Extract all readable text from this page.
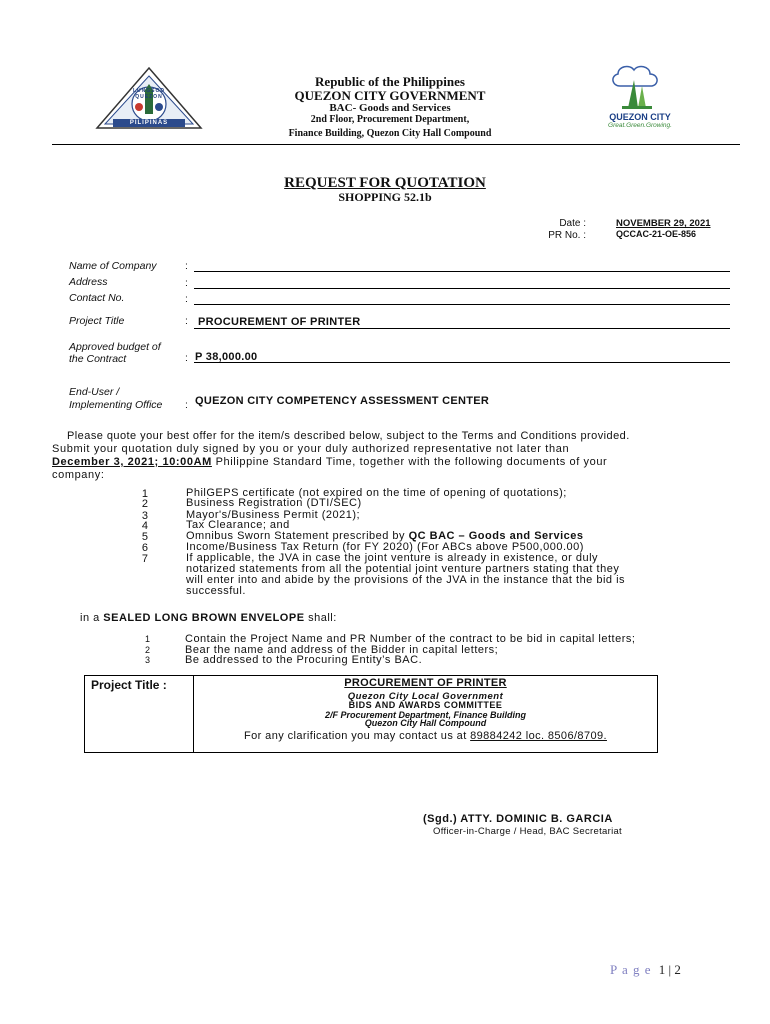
LUNGSOD QUEZON
PILIPINAS
Republic of the Philippines
QUEZON CITY GOVERNMENT
BAC- Goods and Services
2nd Floor, Procurement Department,
Finance Building, Quezon City Hall Compound
QUEZON CITY
Great.Green.Growing.
REQUEST FOR QUOTATION
SHOPPING 52.1b
Date :	NOVEMBER 29, 2021
PR No. :	QCCAC-21-OE-856
Name of Company	:
Address	:
Contact No.	:
Project Title	: PROCUREMENT OF PRINTER
Approved budget of
the Contract	: P 38,000.00
End-User /
Implementing Office : QUEZON CITY COMPETENCY ASSESSMENT CENTER
Please quote your best offer for the item/s described below, subject to the Terms and Conditions provided.
Submit your quotation duly signed by you or your duly authorized representative not later than
December 3, 2021; 10:00AM Philippine Standard Time, together with the following documents of your
company:
1	PhilGEPS certificate (not expired on the time of opening of quotations);
2	Business Registration (DTI/SEC)
3	Mayor's/Business Permit (2021);
4	Tax Clearance; and
5	Omnibus Sworn Statement prescribed by QC BAC – Goods and Services
6	Income/Business Tax Return (for FY 2020) (For ABCs above P500,000.00)
7	If applicable, the JVA in case the joint venture is already in existence, or duly
notarized statements from all the potential joint venture partners stating that they
will enter into and abide by the provisions of the JVA in the instance that the bid is
successful.
in a SEALED LONG BROWN ENVELOPE shall:
1	Contain the Project Name and PR Number of the contract to be bid in capital letters;
2	Bear the name and address of the Bidder in capital letters;
3	Be addressed to the Procuring Entity’s BAC.
Project Title :	PROCUREMENT OF PRINTER
Quezon City Local Government
BIDS AND AWARDS COMMITTEE
2/F Procurement Department, Finance Building
Quezon City Hall Compound
For any clarification you may contact us at 89884242 loc. 8506/8709.
(Sgd.) ATTY. DOMINIC B. GARCIA
Officer-in-Charge / Head, BAC Secretariat
P a g e 1 | 2
